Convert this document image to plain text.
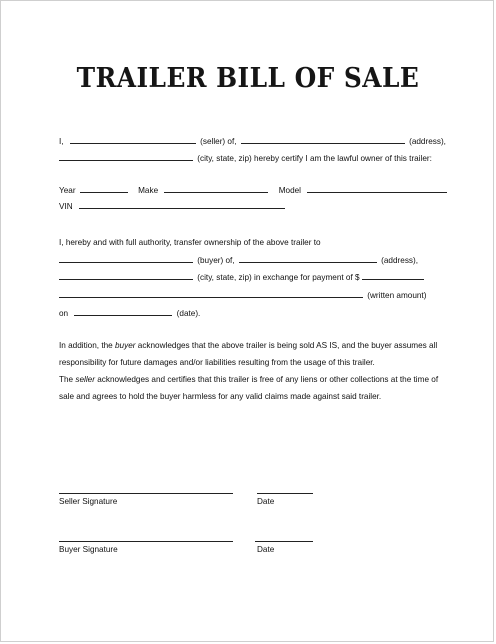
TRAILER BILL OF SALE
I,	(seller) of,	(address),
(city, state, zip) hereby certify I am the lawful owner of this trailer:
Year	Make	Model
VIN
I, hereby and with full authority, transfer ownership of the above trailer to
(buyer) of,	(address),
(city, state, zip) in exchange for payment of $
(written amount)
on	(date).
In addition, the buyer acknowledges that the above trailer is being sold AS IS, and the buyer assumes all responsibility for future damages and/or liabilities resulting from the usage of this trailer.
The seller acknowledges and certifies that this trailer is free of any liens or other collections at the time of sale and agrees to hold the buyer harmless for any valid claims made against said trailer.
Seller Signature	Date
Buyer Signature	Date
